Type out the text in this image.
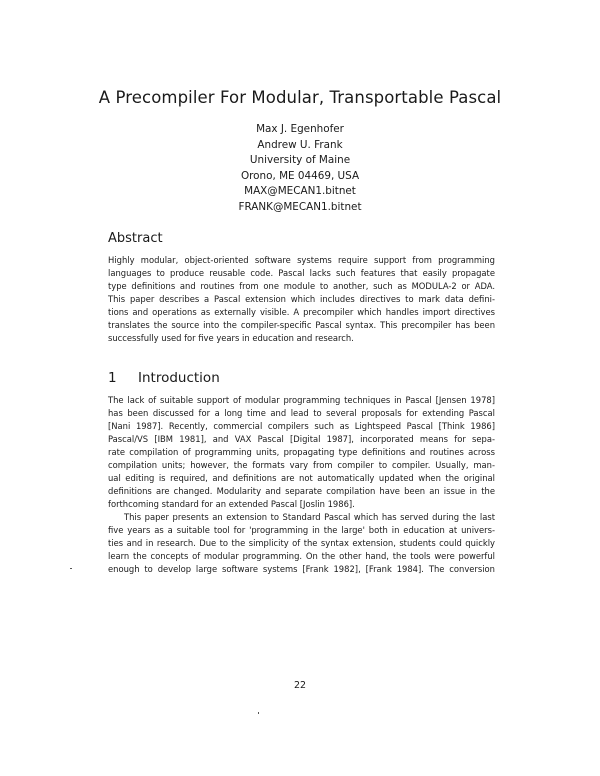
A Precompiler For Modular, Transportable Pascal
Max J. Egenhofer
Andrew U. Frank
University of Maine
Orono, ME 04469, USA
MAX@MECAN1.bitnet
FRANK@MECAN1.bitnet
Abstract
Highly modular, object-oriented software systems require support from programming
languages to produce reusable code. Pascal lacks such features that easily propagate
type definitions and routines from one module to another, such as MODULA-2 or ADA.
This paper describes a Pascal extension which includes directives to mark data defini-
tions and operations as externally visible. A precompiler which handles import directives
translates the source into the compiler-specific Pascal syntax. This precompiler has been
successfully used for five years in education and research.
1 Introduction
The lack of suitable support of modular programming techniques in Pascal [Jensen 1978]
has been discussed for a long time and lead to several proposals for extending Pascal
[Nani 1987]. Recently, commercial compilers such as Lightspeed Pascal [Think 1986]
Pascal/VS [IBM 1981], and VAX Pascal [Digital 1987], incorporated means for sepa-
rate compilation of programming units, propagating type definitions and routines across
compilation units; however, the formats vary from compiler to compiler. Usually, man-
ual editing is required, and definitions are not automatically updated when the original
definitions are changed. Modularity and separate compilation have been an issue in the
forthcoming standard for an extended Pascal [Joslin 1986].
This paper presents an extension to Standard Pascal which has served during the last
five years as a suitable tool for 'programming in the large' both in education at univers-
ties and in research. Due to the simplicity of the syntax extension, students could quickly
learn the concepts of modular programming. On the other hand, the tools were powerful
enough to develop large software systems [Frank 1982], [Frank 1984]. The conversion
22
